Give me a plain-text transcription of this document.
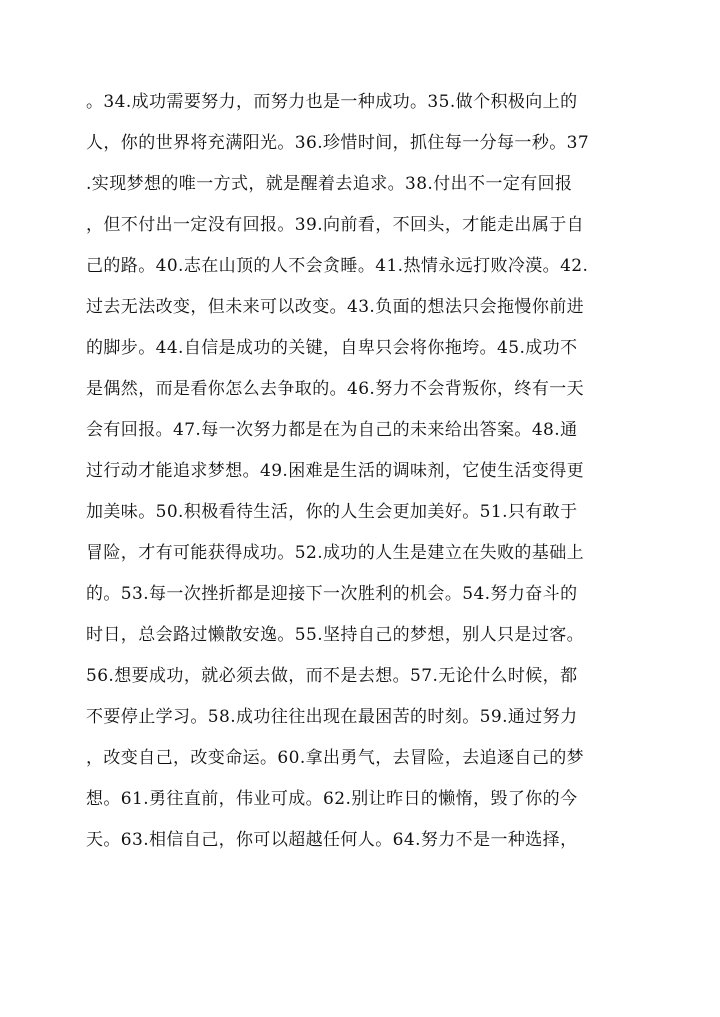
。34.成功需要努力，而努力也是一种成功。35.做个积极向上的
人，你的世界将充满阳光。36.珍惜时间，抓住每一分每一秒。37
.实现梦想的唯一方式，就是醒着去追求。38.付出不一定有回报
，但不付出一定没有回报。39.向前看，不回头，才能走出属于自
己的路。40.志在山顶的人不会贪睡。41.热情永远打败冷漠。42.
过去无法改变，但未来可以改变。43.负面的想法只会拖慢你前进
的脚步。44.自信是成功的关键，自卑只会将你拖垮。45.成功不
是偶然，而是看你怎么去争取的。46.努力不会背叛你，终有一天
会有回报。47.每一次努力都是在为自己的未来给出答案。48.通
过行动才能追求梦想。49.困难是生活的调味剂，它使生活变得更
加美味。50.积极看待生活，你的人生会更加美好。51.只有敢于
冒险，才有可能获得成功。52.成功的人生是建立在失败的基础上
的。53.每一次挫折都是迎接下一次胜利的机会。54.努力奋斗的
时日，总会路过懒散安逸。55.坚持自己的梦想，别人只是过客。
56.想要成功，就必须去做，而不是去想。57.无论什么时候，都
不要停止学习。58.成功往往出现在最困苦的时刻。59.通过努力
，改变自己，改变命运。60.拿出勇气，去冒险，去追逐自己的梦
想。61.勇往直前，伟业可成。62.别让昨日的懒惰，毁了你的今
天。63.相信自己，你可以超越任何人。64.努力不是一种选择，
